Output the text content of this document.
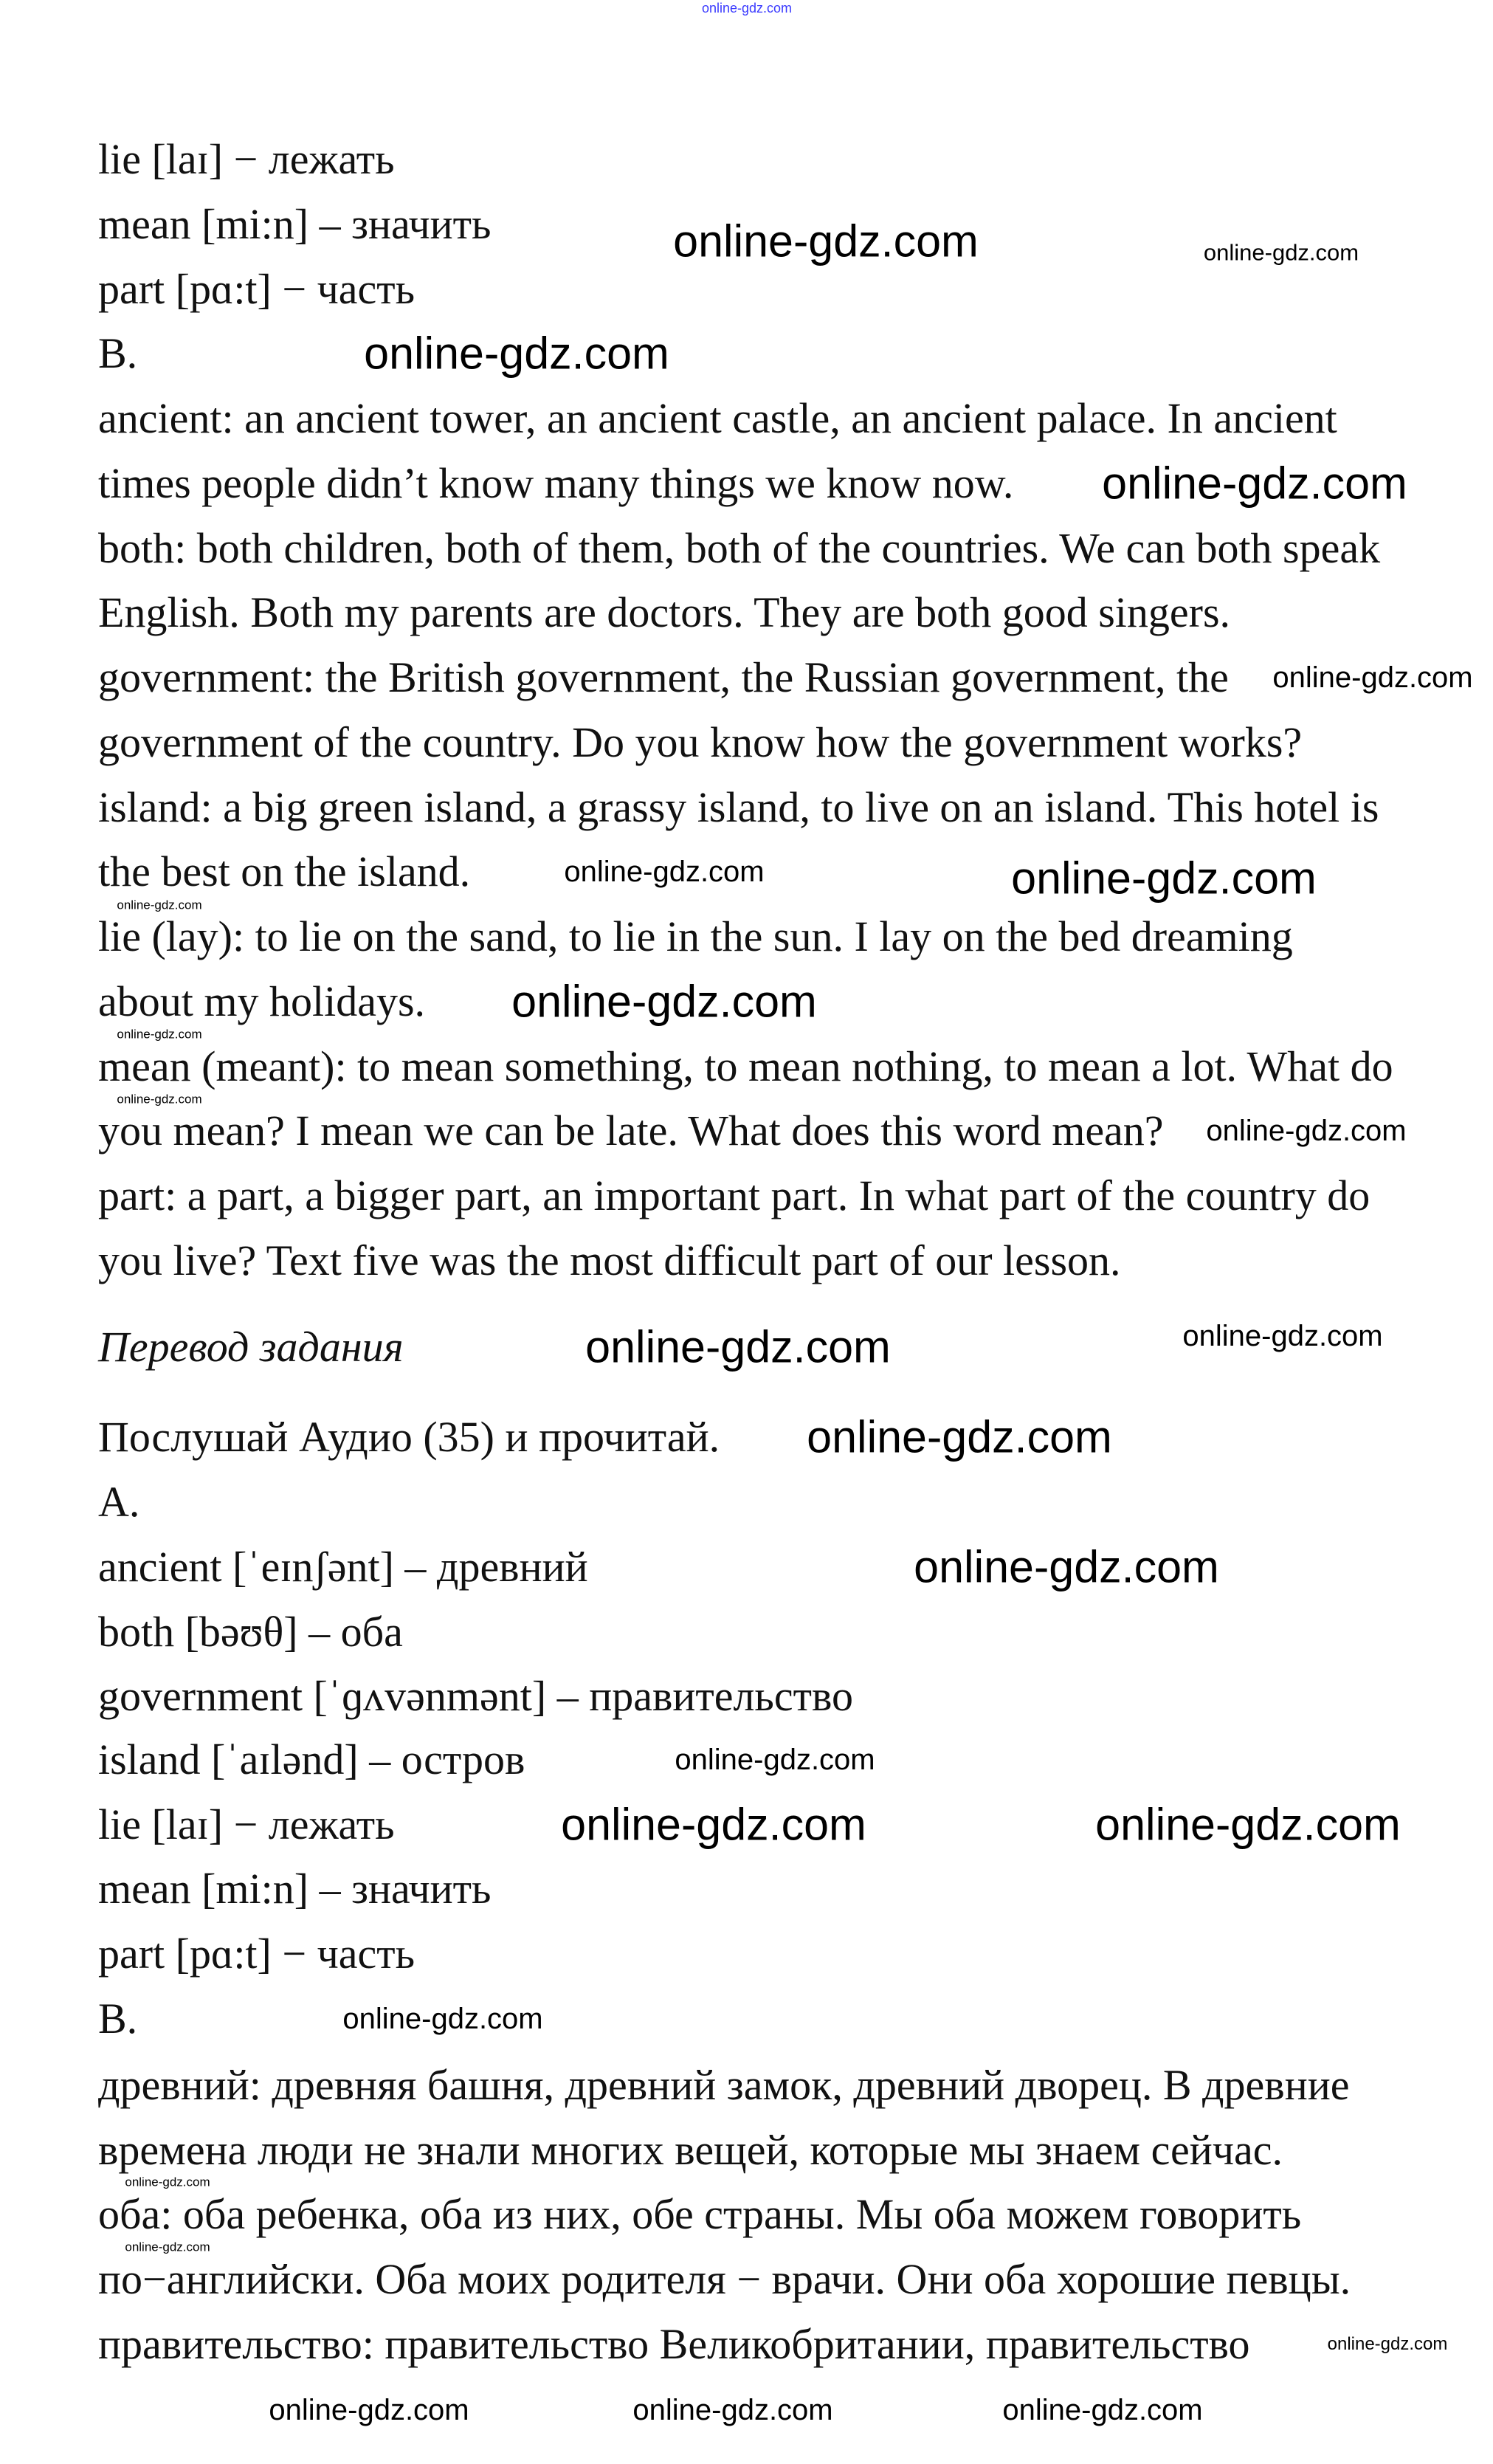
lie [laɪ] − лежать
mean [mi:n] – значить
part [pɑ:t] − часть
B.
ancient: an ancient tower, an ancient castle, an ancient palace. In ancient
times people didn’t know many things we know now.
both: both children, both of them, both of the countries. We can both speak
English. Both my parents are doctors. They are both good singers.
government: the British government, the Russian government, the
government of the country. Do you know how the government works?
island: a big green island, a grassy island, to live on an island. This hotel is
the best on the island.
lie (lay): to lie on the sand, to lie in the sun. I lay on the bed dreaming
about my holidays.
mean (meant): to mean something, to mean nothing, to mean a lot. What do
you mean? I mean we can be late. What does this word mean?
part: a part, a bigger part, an important part. In what part of the country do
you live? Text five was the most difficult part of our lesson.
Перевод задания
Послушай Аудио (35) и прочитай.
A.
ancient [ˈeɪnʃənt] – древний
both [bəʊθ] – оба
government [ˈɡʌvənmənt] – правительство
island [ˈaɪlənd] – остров
lie [laɪ] − лежать
mean [mi:n] – значить
part [pɑ:t] − часть
B.
древний: древняя башня, древний замок, древний дворец. В древние
времена люди не знали многих вещей, которые мы знаем сейчас.
оба: оба ребенка, оба из них, обе страны. Мы оба можем говорить
по−английски. Оба моих родителя − врачи. Они оба хорошие певцы.
правительство: правительство Великобритании, правительство
online-gdz.com
online-gdz.com	online-gdz.com
online-gdz.com
online-gdz.com
online-gdz.com
online-gdz.com
online-gdz.com
online-gdz.com
online-gdz.com
online-gdz.com
online-gdz.com
online-gdz.com
online-gdz.com	online-gdz.com
online-gdz.com
online-gdz.com
online-gdz.com
online-gdz.com	online-gdz.com
online-gdz.com
online-gdz.com	online-gdz.com
online-gdz.com
online-gdz.com
online-gdz.com
online-gdz.com
